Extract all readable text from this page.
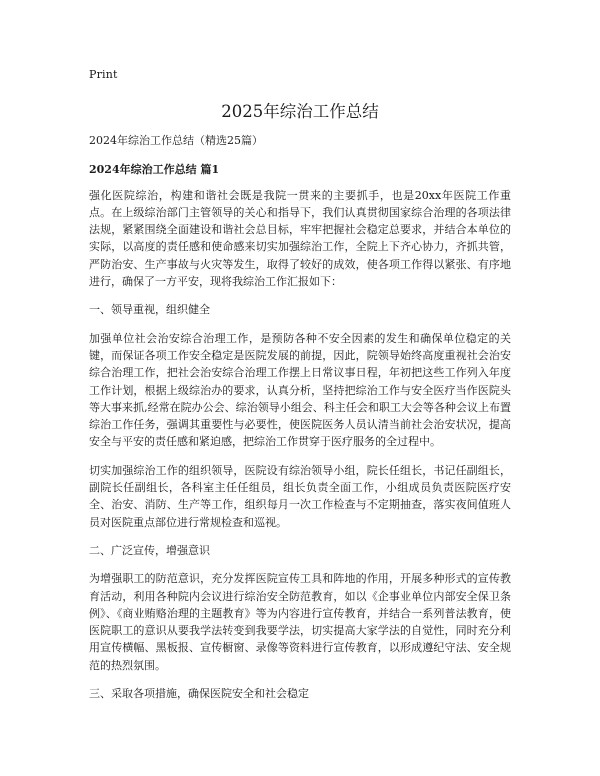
Print
2025年综治工作总结
2024年综治工作总结（精选25篇）
2024年综治工作总结 篇1

强化医院综治，构建和谐社会既是我院一贯来的主要抓手，也是20xx年医院工作重点。在上级综治部门主管领导的关心和指导下，我们认真贯彻国家综合治理的各项法律法规，紧紧围绕全面建设和谐社会总目标，牢牢把握社会稳定总要求，并结合本单位的实际，以高度的责任感和使命感来切实加强综治工作，全院上下齐心协力，齐抓共管，严防治安、生产事故与火灾等发生，取得了较好的成效，使各项工作得以紧张、有序地进行，确保了一方平安，现将我综治工作汇报如下：

一、领导重视，组织健全

加强单位社会治安综合治理工作，是预防各种不安全因素的发生和确保单位稳定的关键，而保证各项工作安全稳定是医院发展的前提，因此，院领导始终高度重视社会治安综合治理工作，把社会治安综合治理工作摆上日常议事日程，年初把这些工作列入年度工作计划，根据上级综治办的要求，认真分析，坚持把综治工作与安全医疗当作医院头等大事来抓,经常在院办公会、综治领导小组会、科主任会和职工大会等各种会议上布置综治工作任务，强调其重要性与必要性，使医院医务人员认清当前社会治安状况，提高安全与平安的责任感和紧迫感，把综治工作贯穿于医疗服务的全过程中。

切实加强综治工作的组织领导，医院设有综治领导小组，院长任组长，书记任副组长，副院长任副组长，各科室主任任组员，组长负责全面工作，小组成员负责医院医疗安全、治安、消防、生产等工作，组织每月一次工作检查与不定期抽查，落实夜间值班人员对医院重点部位进行常规检查和巡视。

二、广泛宣传，增强意识

为增强职工的防范意识，充分发挥医院宣传工具和阵地的作用，开展多种形式的宣传教育活动，利用各种院内会议进行综治安全防范教育，如以《企事业单位内部安全保卫条例》、《商业贿赂治理的主题教育》等为内容进行宣传教育，并结合一系列普法教育，使医院职工的意识从要我学法转变到我要学法，切实提高大家学法的自觉性，同时充分利用宣传横幅、黑板报、宣传橱窗、录像等资料进行宣传教育，以形成遵纪守法、安全规范的热烈氛围。

三、采取各项措施，确保医院安全和社会稳定
